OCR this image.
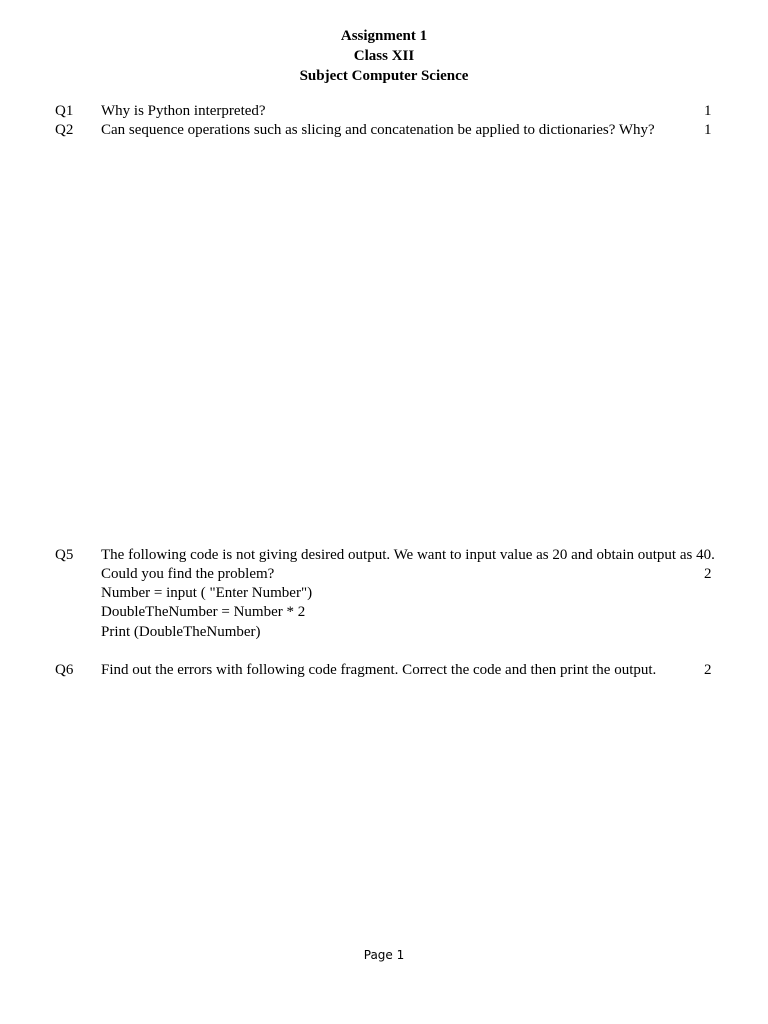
Assignment 1
Class XII
Subject Computer Science
Q1 Why is Python interpreted?	1
Q2 Can sequence operations such as slicing and concatenation be applied to dictionaries? Why?	1
Q5 The following code is not giving desired output. We want to input value as 20 and obtain output as 40.
Could you find the problem?	2
Number = input ( "Enter Number")
DoubleTheNumber = Number * 2
Print (DoubleTheNumber)
Q6 Find out the errors with following code fragment. Correct the code and then print the output.	2
Page 1
